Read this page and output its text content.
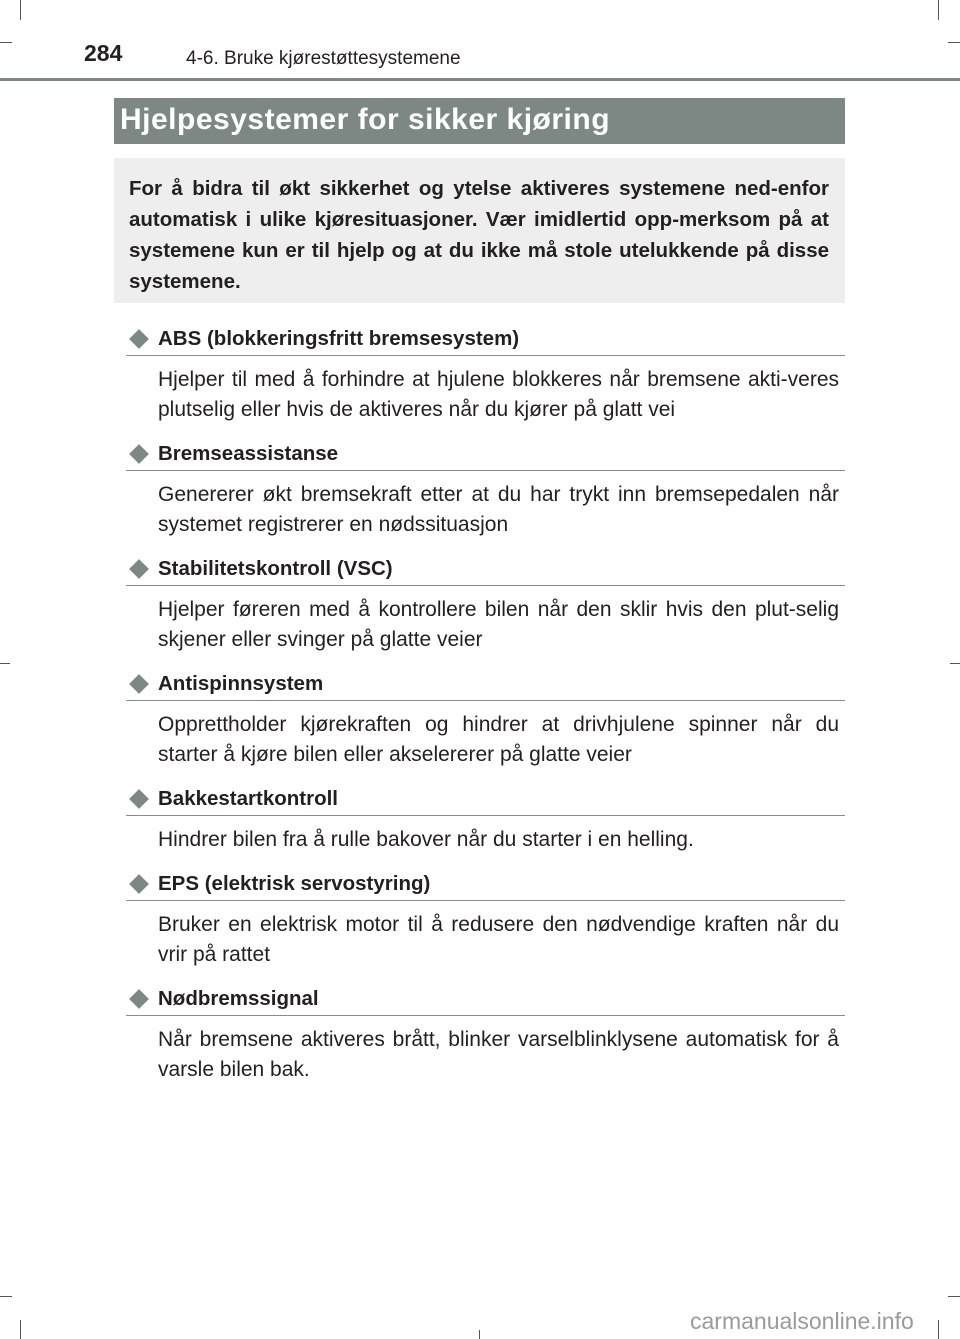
284	4-6. Bruke kjørestøttesystemene
Hjelpesystemer for sikker kjøring
For å bidra til økt sikkerhet og ytelse aktiveres systemene ned-enfor automatisk i ulike kjøresituasjoner. Vær imidlertid opp-merksom på at systemene kun er til hjelp og at du ikke må stole utelukkende på disse systemene.
ABS (blokkeringsfritt bremsesystem)
Hjelper til med å forhindre at hjulene blokkeres når bremsene akti-veres plutselig eller hvis de aktiveres når du kjører på glatt vei
Bremseassistanse
Genererer økt bremsekraft etter at du har trykt inn bremsepedalen når systemet registrerer en nødssituasjon
Stabilitetskontroll (VSC)
Hjelper føreren med å kontrollere bilen når den sklir hvis den plut-selig skjener eller svinger på glatte veier
Antispinnsystem
Opprettholder kjørekraften og hindrer at drivhjulene spinner når du starter å kjøre bilen eller akselererer på glatte veier
Bakkestartkontroll
Hindrer bilen fra å rulle bakover når du starter i en helling.
EPS (elektrisk servostyring)
Bruker en elektrisk motor til å redusere den nødvendige kraften når du vrir på rattet
Nødbremssignal
Når bremsene aktiveres brått, blinker varselblinklysene automatisk for å varsle bilen bak.
carmanualsonline.info
